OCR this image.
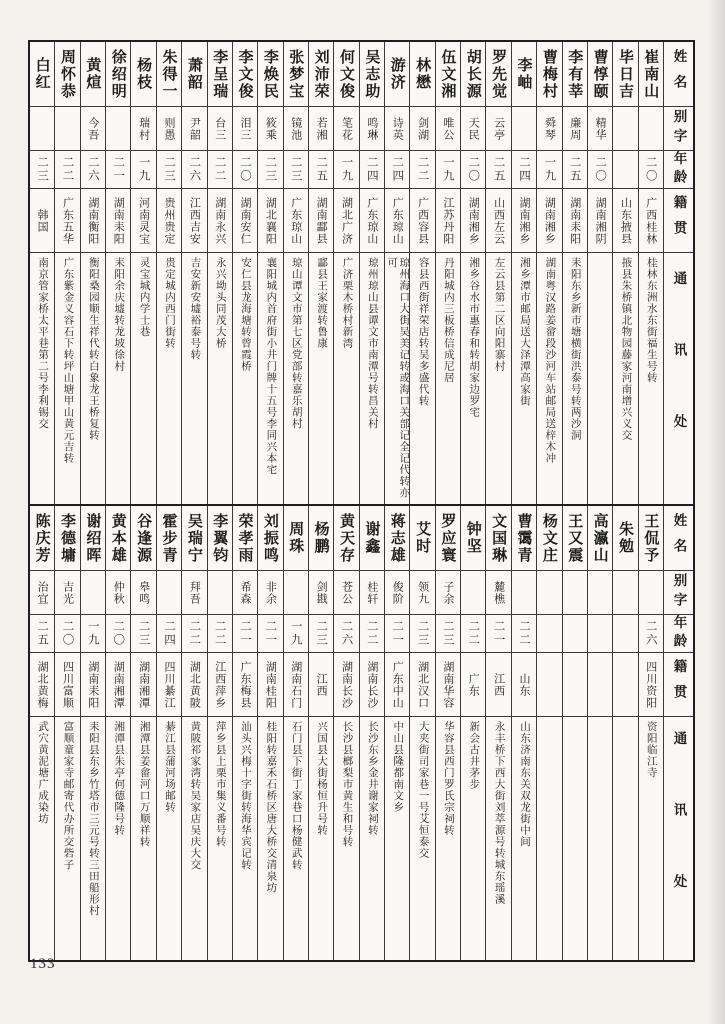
白红
二三
韩国
南京管家桥太平巷第二号李利锡交
周怀恭
二二
广东五华
广东紫金义容石下转坪山塘甲山黄元吉转
黄煊
今吾
二六
湖南衡阳
衡阳桑园顺生祥代转白象龙王桥复转
徐绍明
二一
湖南耒阳
耒阳余庆墟转龙坡徐村
杨枝
瑞村
一九
河南灵宝
灵宝城内学士巷
朱得一
则愚
二三
贵州贵定
贵定城内西门街转
萧韶
尹韶
二六
江西吉安
吉安新安墟裕泰号转
李呈瑞
台三
二二
湖南永兴
永兴坳头同茂大桥
李文俊
泪三
二〇
湖南安仁
安仁县龙海塘转曾霞桥
李焕民
筱乘
二三
湖北襄阳
襄阳城内首府街小井门牌十五号李同兴本宅
张梦宝
镜池
二三
广东琼山
琼山谭文市第七区党部转嘉乐胡村
刘沛荣
若湘
二五
湖南酃县
酃县王家渡转鲁康
何文俊
笔花
一九
湖北广济
广济栗木桥村新湾
吴志助
鸣琳
二四
广东琼山
琼州琼山县谭文市南潭号转昌关村
游济
诗英
二四
广东琼山
琼州海口大街吴美记转或海口关部记全记代转亦可
林懋
剑湖
二二
广西容县
容县西街祥荣店转吴多盛代转
伍文湘
唯公
一九
江苏丹阳
丹阳城内三板桥信成尼居
胡长源
天民
二〇
湖南湘乡
湘乡谷水市惠春和转胡家边罗宅
罗先觉
云亭
二五
山西左云
左云县第二区向阳寨村
李岫
二四
湖南湘乡
湘乡潭市邮局送大泽潭高家街
曹梅村
舜琴
一九
湖南湘乡
湖南粤汉路姜畲段沙河车站邮局送梓木冲
李有莘
廉周
二五
湖南耒阳
耒阳东乡新市塘横街洪泰号转两沙洞
曹惇颐
精华
二〇
湖南湘阴
毕日吉
山东掖县
掖县朱桥镇北物园藤家河南增兴义交
崔南山
二〇
广西桂林
桂林东洲水东街福生号转
姓名
别字
年龄
籍贯
通讯处
陈庆芳
治宜
二五
湖北黄梅
武穴黄泥塘广成染坊
李德墉
吉光
二〇
四川富顺
富顺童家寺邮寄代办所交砦子
谢绍晖
一九
湖南耒阳
耒阳县东乡竹塔市三元号转三田船形村
黄本雄
仲秋
二〇
湖南湘潭
湘潭县朱亭何德隆号转
谷逢源
皋鸣
二三
湖南湘潭
湘潭县姜畲河口万顺祥转
霍步青
二四
四川綦江
綦江县蒲河场邮转
吴瑞宁
拜吾
二二
湖北黄陂
黄陂祁家湾转吴家店吴庆大交
李翼钧
二二
江西萍乡
萍乡县上栗市集义番号转
荣孝雨
希森
二一
广东梅县
汕头兴梅十字街转海华宾记转
刘振鸣
非余
二一
湖南桂阳
桂阳转嘉禾石桥区唐大桥交清泉坊
周珠
一九
湖南石门
石门县下街丁家巷口杨健武转
杨鹏
剑戡
二三
江西
兴国县大街杨恒升号转
黄天存
苍公
二六
湖南长沙
长沙县榔梨市黄生和号转
谢鑫
桂轩
二二
湖南长沙
长沙东乡金井谢家祠转
蒋志雄
俊阶
二一
广东中山
中山县隆都南文乡
艾时
领九
二三
湖北汉口
大夹街司家巷一号艾恒泰交
罗应寰
子余
二三
湖南华容
华容县西门罗氏宗祠转
钟坚
二二
广东
新会古井茅步
文国琳
麓樵
二一
江西
永丰桥下西大街刘萃源号转城东瑶溪
曹霭青
二二
山东
山东济南东关双龙街中间
杨文庄 王又震 高瀛山 朱勉 王侃予
二六
四川资阳
资阳临江寺
姓名
别字
年龄
籍贯
通讯处
133
